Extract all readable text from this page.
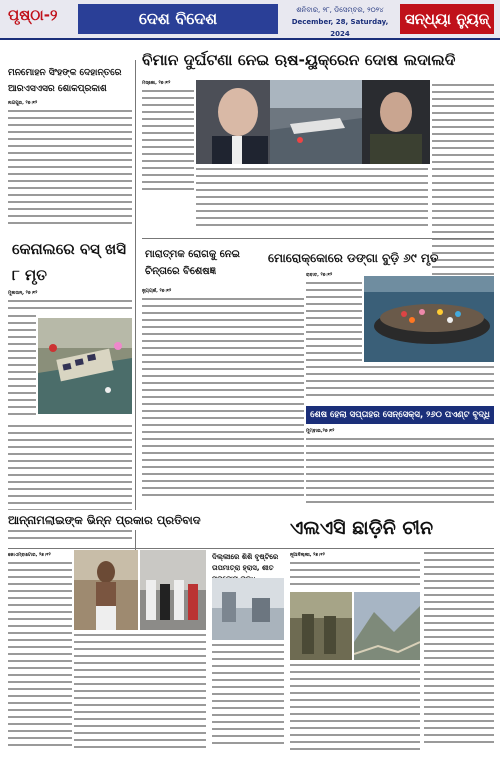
ପୃଷ୍ଠା-୨	ଦେଶ ବିଦେଶ	ଶନିବାର, ୨୮, ଡିସେମ୍ବର, ୨୦୨୪
December, 28, Saturday, 2024
ସନ୍ଧ୍ୟା ନ୍ୟୁଜ୍
ମନମୋହନ ସିଂହଙ୍କ ଦେହାନ୍ତରେ ଆରଏସଏସର ଶୋକପ୍ରକାଶ
ନାଗପୁର, ୨୭।୧୨
କେନାଲରେ ବସ୍ ଖସି ୮ ମୃତ
ମୁଲତାନ୍, ୨୭।୧୨
ବିମାନ ଦୁର୍ଘଟଣା ନେଇ ଋଷ-ୟୁକ୍ରେନ ଦୋଷ ଲଦାଲଦି
ମସ୍କୋ, ୨୭।୧୨
ମାରାତ୍ମକ ରୋଗକୁ ନେଇ ଚିନ୍ତାରେ ବିଶେଷଜ୍ଞ
ନ୍ୟୁୟର୍କ, ୨୭।୧୨
ମୋରୋକ୍କୋରେ ଡଙ୍ଗା ବୁଡ଼ି ୬୯ ମୃତ
ରାବାତ, ୨୭।୧୨
ଶେଷ ହେଲା ସପ୍ତାହର ସେନ୍ସେକ୍ସ, ୨୬୦ ପଏଣ୍ଟ ବୃଦ୍ଧି
ମୁମ୍ବାଇ,୨୭।୧୨
ଆନ୍ନାମଲାଇଙ୍କ ଭିନ୍ନ ପ୍ରକାର ପ୍ରତିବାଦ
କୋଏମ୍ବାଟୋର, ୨୭।୧୨	ଦିଲ୍ଲୀରେ ଶିଶି ବୃଷ୍ଟିରେ ତାପମାତ୍ରା ହ୍ରାସ, ଶୀତ
ଏଲଏସି ଛାଡ଼ିନି ଚୀନ
ନୂଆଦିଲ୍ଲୀ, ୨୭।୧୨
